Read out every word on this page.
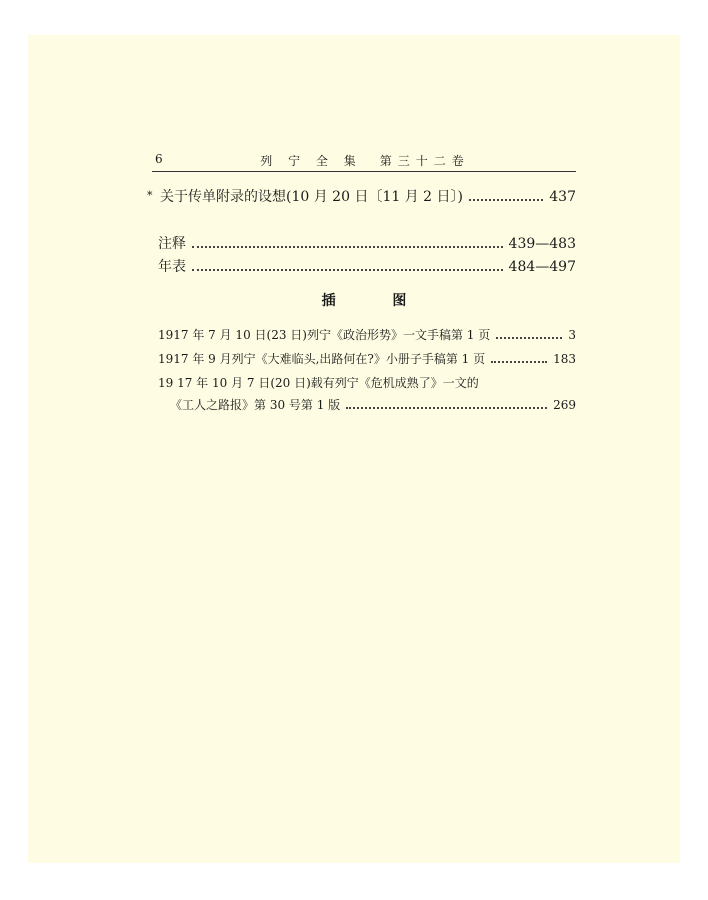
6	列 宁 全 集　第三十二卷
* 关于传单附录的设想(10 月 20 日〔11 月 2 日〕)	437
注释	439—483
年表	484—497
插 图
1917 年 7 月 10 日(23 日)列宁《政治形势》一文手稿第 1 页	3
1917 年 9 月列宁《大难临头,出路何在?》小册子手稿第 1 页	183
19 17 年 10 月 7 日(20 日)载有列宁《危机成熟了》一文的
《工人之路报》第 30 号第 1 版	269
